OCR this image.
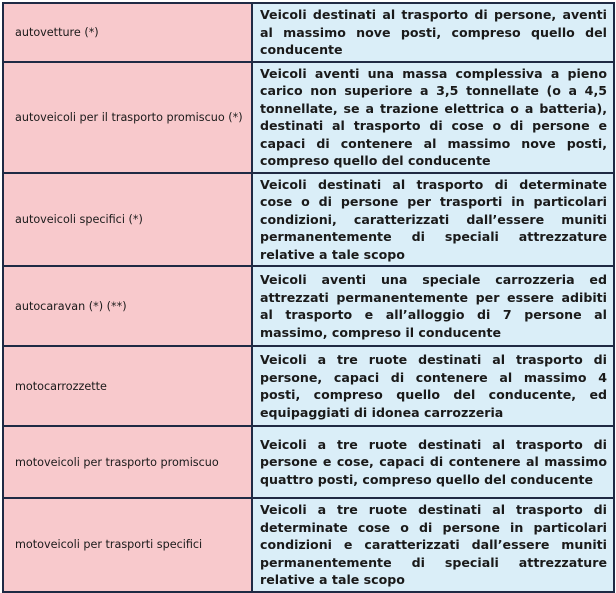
autovetture (*)	Veicoli destinati al trasporto di persone, aventi al massimo nove posti, compreso quello del conducente
autoveicoli per il trasporto promiscuo (*)	Veicoli aventi una massa complessiva a pieno carico non superiore a 3,5 tonnellate (o a 4,5 tonnellate, se a trazione elettrica o a batteria), destinati al trasporto di cose o di persone e capaci di contenere al massimo nove posti, compreso quello del conducente
autoveicoli specifici (*)	Veicoli destinati al trasporto di determinate cose o di persone per trasporti in particolari condizioni, caratterizzati dall’essere muniti permanentemente di speciali attrezzature relative a tale scopo
autocaravan (*) (**)	Veicoli aventi una speciale carrozzeria ed attrezzati permanentemente per essere adibiti al trasporto e all’alloggio di 7 persone al massimo, compreso il conducente
motocarrozzette	Veicoli a tre ruote destinati al trasporto di persone, capaci di contenere al massimo 4 posti, compreso quello del conducente, ed equipaggiati di idonea carrozzeria
motoveicoli per trasporto promiscuo	Veicoli a tre ruote destinati al trasporto di persone e cose, capaci di contenere al massimo quattro posti, compreso quello del conducente
motoveicoli per trasporti specifici	Veicoli a tre ruote destinati al trasporto di determinate cose o di persone in particolari condizioni e caratterizzati dall’essere muniti permanentemente di speciali attrezzature relative a tale scopo
